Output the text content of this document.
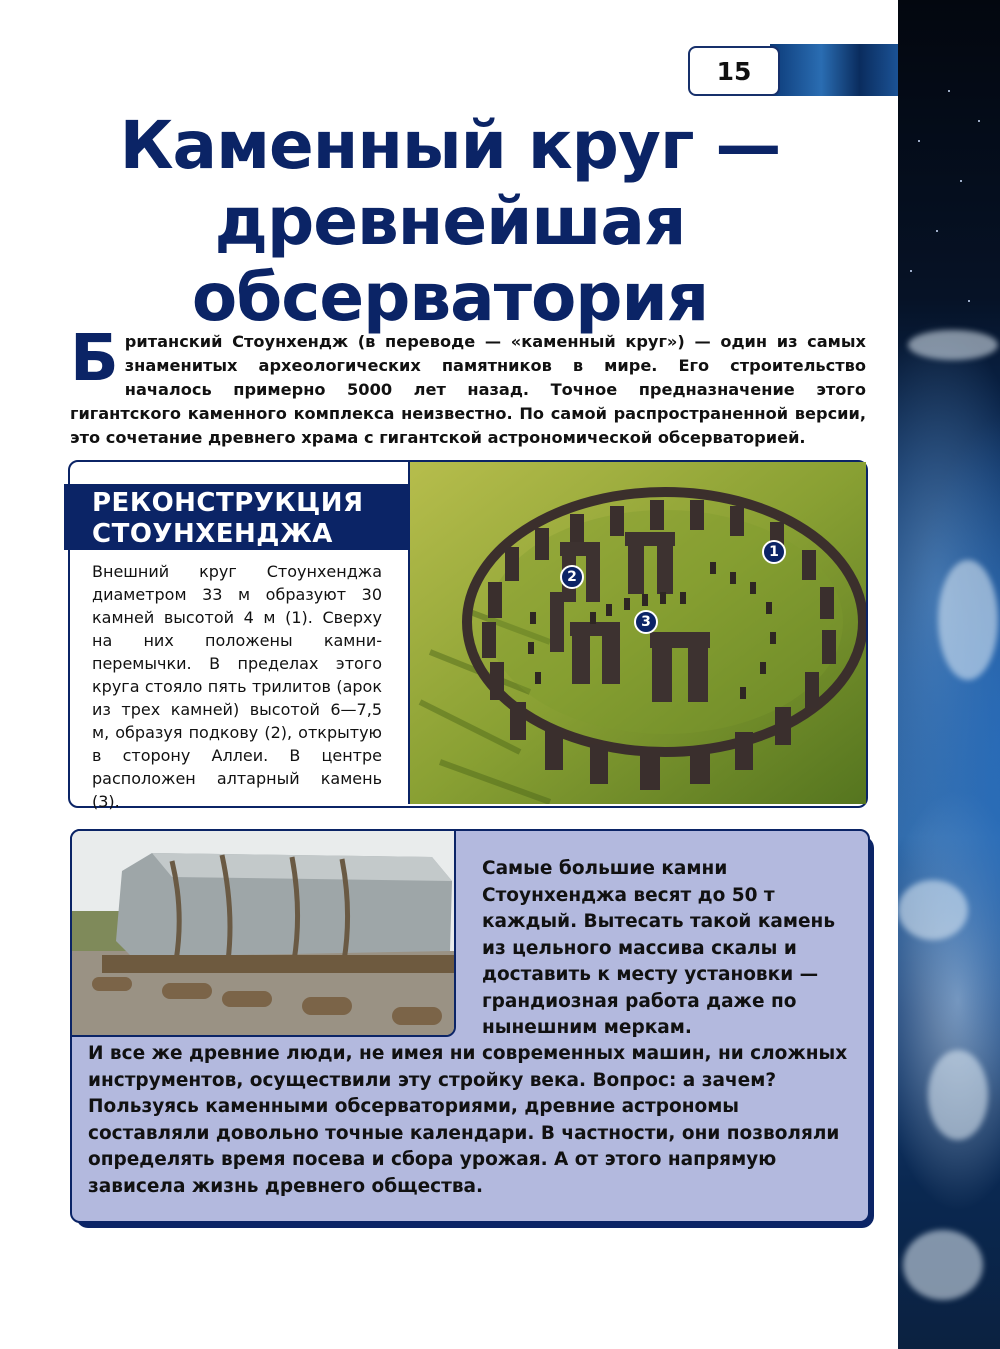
15
Каменный круг —
древнейшая
обсерватория
Британский Стоунхендж (в переводе — «каменный круг») — один из самых знаменитых археологических памятников в мире. Его строительство началось примерно 5000 лет назад. Точное предназначение этого гигантского каменного комплекса неизвестно. По самой распространенной версии, это сочетание древнего храма с гигантской астрономической обсерваторией.
1
2
3
РЕКОНСТРУКЦИЯ
СТОУНХЕНДЖА
Внешний круг Стоунхенджа диаметром 33 м образуют 30 камней высотой 4 м (1). Сверху на них положены камни-перемычки. В пределах этого круга стояло пять трилитов (арок из трех камней) высотой 6—7,5 м, образуя подкову (2), открытую в сторону Аллеи. В центре расположен алтарный камень (3).
Самые большие камни Стоунхенджа весят до 50 т каждый. Вытесать такой камень из цельного массива скалы и доставить к месту установки — грандиозная работа даже по нынешним меркам.
И все же древние люди, не имея ни современных машин, ни сложных инструментов, осуществили эту стройку века. Вопрос: а зачем? Пользуясь каменными обсерваториями, древние астрономы составляли довольно точные календари. В частности, они позволяли определять время посева и сбора урожая. А от этого напрямую зависела жизнь древнего общества.
